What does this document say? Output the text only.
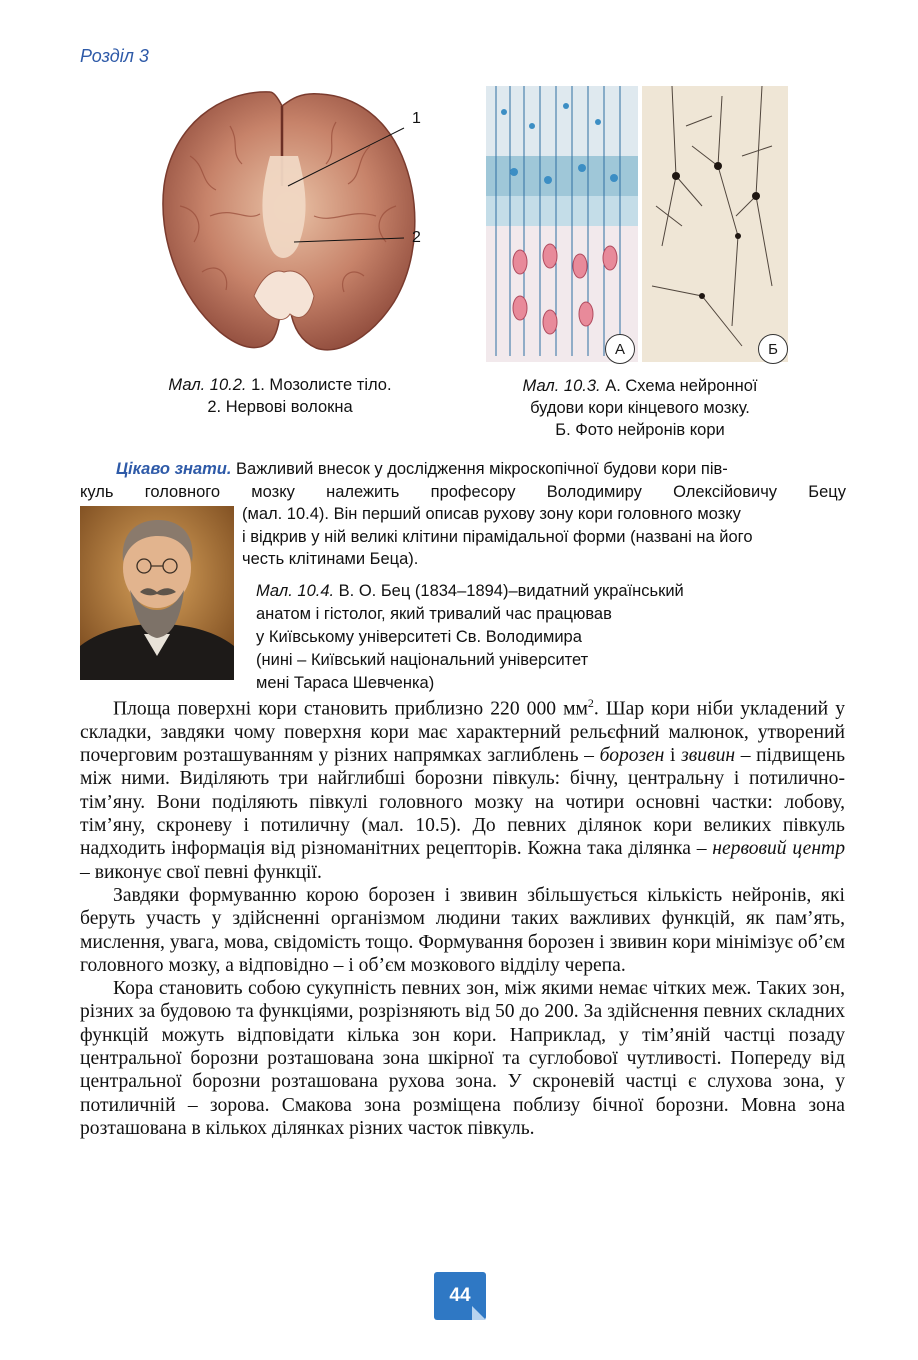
Розділ 3
1
2
Мал. 10.2. 1. Мозолисте тіло.
2. Нервові волокна
А	Б
Мал. 10.3. А. Схема нейронної
будови кори кінцевого мозку.
Б. Фото нейронів кори
Цікаво знати. Важливий внесок у дослідження мікроскопічної будови кори пів-
куль головного мозку належить професору Володимиру Олексійовичу Бецу
(мал. 10.4). Він перший описав рухову зону кори головного мозку
і відкрив у ній великі клітини пірамідальної форми (названі на його
честь клітинами Беца).
Мал. 10.4. В. О. Бец (1834–1894)–видатний український
анатом і гістолог, який тривалий час працював
у Київському університеті Св. Володимира
(нині – Київський національний університет
мені Тараса Шевченка)

Площа поверхні кори становить приблизно 220 000 $мм^2$. Шар кори ніби укладений у складки, завдяки чому поверхня кори має характерний рельєфний малюнок, утворений почерговим розташуванням у різних напрямках заглиблень – борозен і звивин – підвищень між ними. Виділяють три найглибші борозни півкуль: бічну, центральну і потилично-тім’яну. Вони поділяють півкулі головного мозку на чотири основні частки: лобову, тім’яну, скроневу і потиличну (мал. 10.5). До певних ділянок кори великих півкуль надходить інформація від різноманітних рецепторів. Кожна така ділянка – нервовий центр – виконує свої певні функції.

Завдяки формуванню корою борозен і звивин збільшується кількість нейронів, які беруть участь у здійсненні організмом людини таких важливих функцій, як пам’ять, мислення, увага, мова, свідомість тощо. Формування борозен і звивин кори мінімізує об’єм головного мозку, а відповідно – і об’єм мозкового відділу черепа.

Кора становить собою сукупність певних зон, між якими немає чітких меж. Таких зон, різних за будовою та функціями, розрізняють від 50 до 200. За здійснення певних складних функцій можуть відповідати кілька зон кори. Наприклад, у тім’яній частці позаду центральної борозни розташована зона шкірної та суглобової чутливості. Попереду від центральної борозни розташована рухова зона. У скроневій частці є слухова зона, у потиличній – зорова. Смакова зона розміщена поблизу бічної борозни. Мовна зона розташована в кількох ділянках різних часток півкуль.

44
